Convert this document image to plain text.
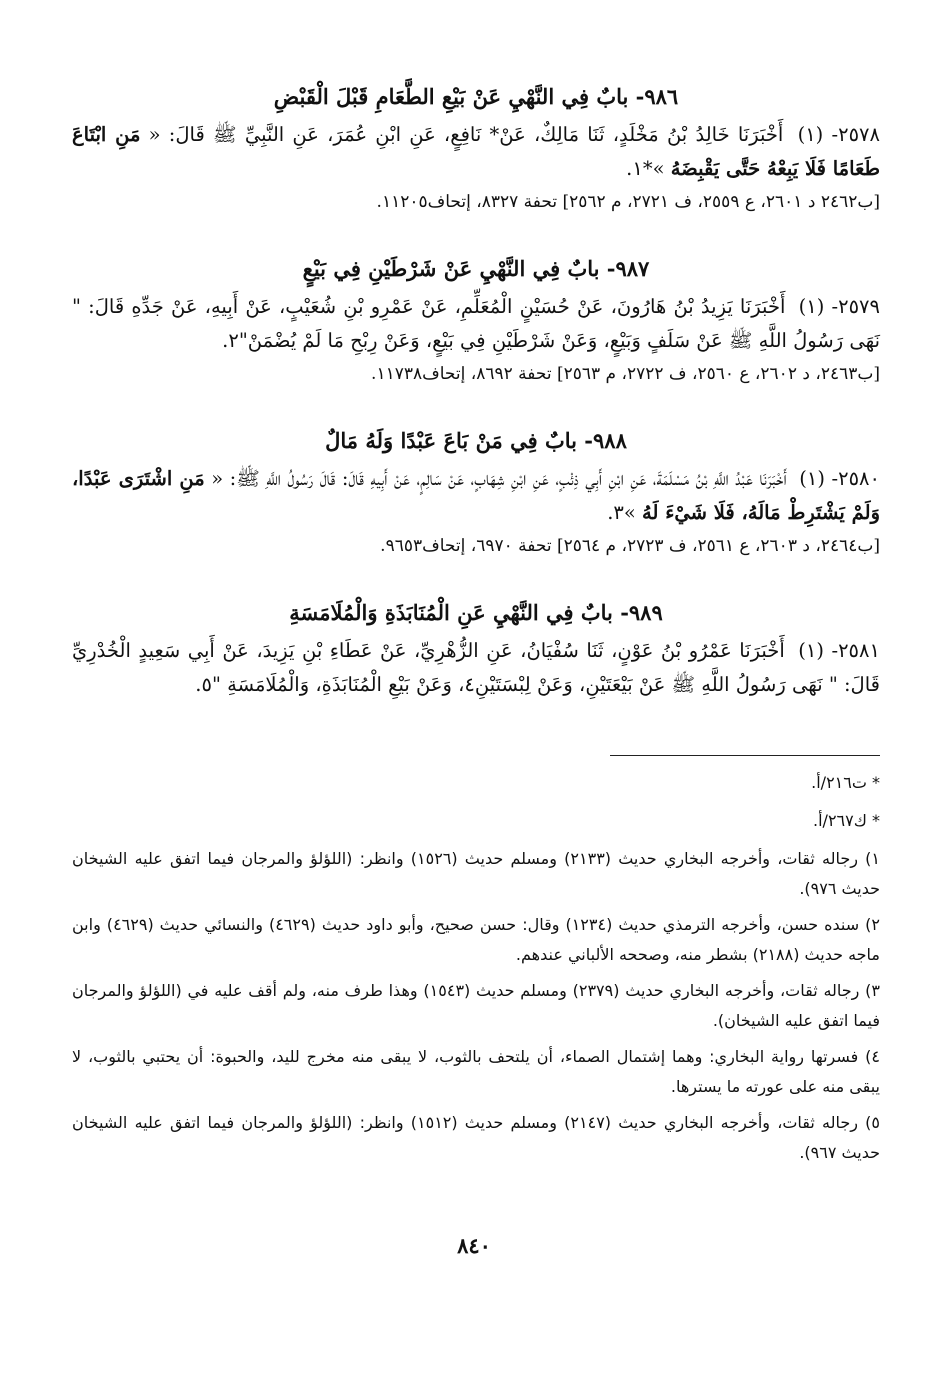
٩٨٦- بابٌ فِي النَّهْيِ عَنْ بَيْعِ الطَّعَامِ قَبْلَ الْقَبْضِ

٢٥٧٨- (١) أَخْبَرَنَا خَالِدُ بْنُ مَخْلَدٍ، ثَنَا مَالِكٌ، عَنْ* نَافِعٍ، عَنِ ابْنِ عُمَرَ، عَنِ النَّبِيِّ ﷺ قَالَ: « مَنِ ابْتَاعَ طَعَامًا فَلَا يَبِعْهُ حَتَّى يَقْبِضَهُ »*١.

[ب٢٤٦٢ د ٢٦٠١، ع ٢٥٥٩، ف ٢٧٢١، م ٢٥٦٢] تحفة ٨٣٢٧، إتحاف١١٢٠٥.

٩٨٧- بابٌ فِي النَّهْيِ عَنْ شَرْطَيْنِ فِي بَيْعٍ

٢٥٧٩- (١) أَخْبَرَنَا يَزِيدُ بْنُ هَارُونَ، عَنْ حُسَيْنٍ الْمُعَلِّمِ، عَنْ عَمْرِو بْنِ شُعَيْبٍ، عَنْ أَبِيهِ، عَنْ جَدِّهِ قَالَ: " نَهَى رَسُولُ اللَّهِ ﷺ عَنْ سَلَفٍ وَبَيْعٍ، وَعَنْ شَرْطَيْنِ فِي بَيْعٍ، وَعَنْ رِبْحِ مَا لَمْ يُضْمَنْ"٢.

[ب٢٤٦٣، د ٢٦٠٢، ع ٢٥٦٠، ف ٢٧٢٢، م ٢٥٦٣] تحفة ٨٦٩٢، إتحاف١١٧٣٨.

٩٨٨- بابٌ فِي مَنْ بَاعَ عَبْدًا وَلَهُ مَالٌ

٢٥٨٠- (١) أَخْبَرَنَا عَبْدُ اللَّهِ بْنُ مَسْلَمَةَ، عَنِ ابْنِ أَبِي ذِئْبٍ، عَنِ ابْنِ شِهَابٍ، عَنْ سَالِمٍ، عَنْ أَبِيهِ قَالَ: قَالَ رَسُولُ اللَّهِ ﷺ: « مَنِ اشْتَرَى عَبْدًا، وَلَمْ يَشْتَرِطْ مَالَهُ، فَلَا شَيْءَ لَهُ »٣.

[ب٢٤٦٤، د ٢٦٠٣، ع ٢٥٦١، ف ٢٧٢٣، م ٢٥٦٤] تحفة ٦٩٧٠، إتحاف٩٦٥٣.

٩٨٩- بابٌ فِي النَّهْيِ عَنِ الْمُنَابَذَةِ وَالْمُلَامَسَةِ

٢٥٨١- (١) أَخْبَرَنَا عَمْرُو بْنُ عَوْنٍ، ثَنَا سُفْيَانُ، عَنِ الزُّهْرِيِّ، عَنْ عَطَاءِ بْنِ يَزِيدَ، عَنْ أَبِي سَعِيدٍ الْخُدْرِيِّ قَالَ: " نَهَى رَسُولُ اللَّهِ ﷺ عَنْ بَيْعَتَيْنِ، وَعَنْ لِبْسَتَيْنِ٤، وَعَنْ بَيْعِ الْمُنَابَذَةِ، وَالْمُلَامَسَةِ "٥.

* ت٢١٦/أ.
* ك٢٦٧/أ.

١) رجاله ثقات، وأخرجه البخاري حديث (٢١٣٣) ومسلم حديث (١٥٢٦) وانظر: (اللؤلؤ والمرجان فيما اتفق عليه الشيخان حديث ٩٧٦).

٢) سنده حسن، وأخرجه الترمذي حديث (١٢٣٤) وقال: حسن صحيح، وأبو داود حديث (٤٦٢٩) والنسائي حديث (٤٦٢٩) وابن ماجه حديث (٢١٨٨) بشطر منه، وصححه الألباني عندهم.

٣) رجاله ثقات، وأخرجه البخاري حديث (٢٣٧٩) ومسلم حديث (١٥٤٣) وهذا طرف منه، ولم أقف عليه في (اللؤلؤ والمرجان فيما اتفق عليه الشيخان).

٤) فسرتها رواية البخاري: وهما إشتمال الصماء، أن يلتحف بالثوب، لا يبقى منه مخرج لليد، والحبوة: أن يحتبي بالثوب، لا يبقى منه على عورته ما يسترها.

٥) رجاله ثقات، وأخرجه البخاري حديث (٢١٤٧) ومسلم حديث (١٥١٢) وانظر: (اللؤلؤ والمرجان فيما اتفق عليه الشيخان حديث ٩٦٧).

٨٤٠
